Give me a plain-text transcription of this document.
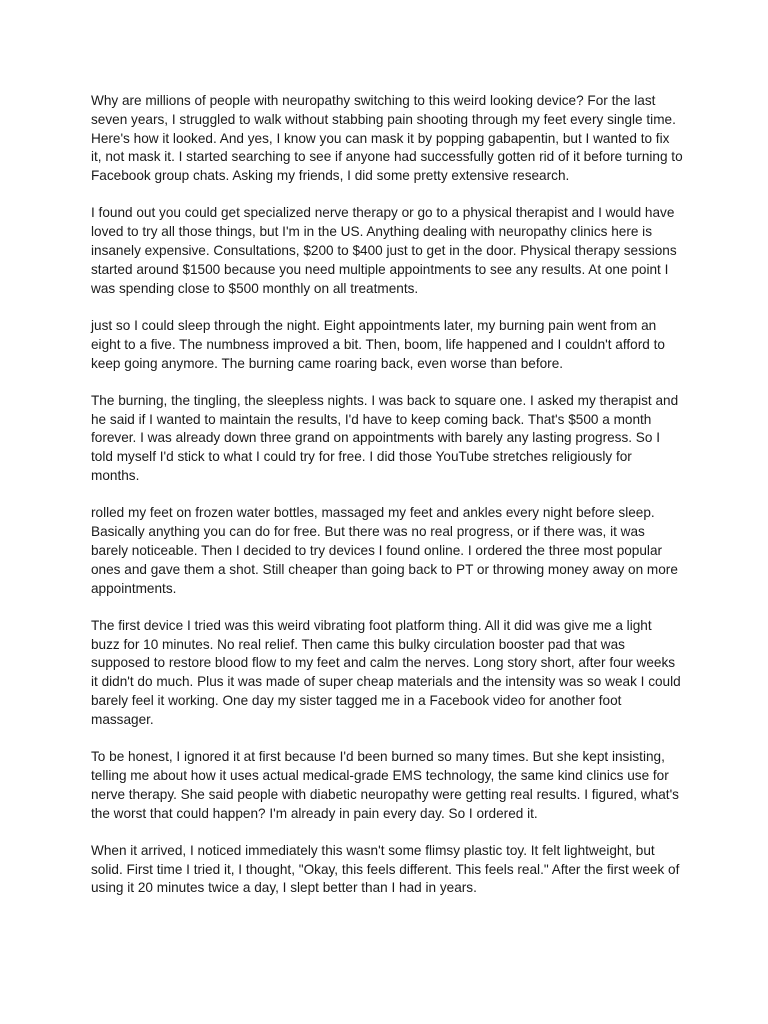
Why are millions of people with neuropathy switching to this weird looking device? For the last seven years, I struggled to walk without stabbing pain shooting through my feet every single time. Here's how it looked. And yes, I know you can mask it by popping gabapentin, but I wanted to fix it, not mask it. I started searching to see if anyone had successfully gotten rid of it before turning to Facebook group chats. Asking my friends, I did some pretty extensive research.

I found out you could get specialized nerve therapy or go to a physical therapist and I would have loved to try all those things, but I'm in the US. Anything dealing with neuropathy clinics here is insanely expensive. Consultations, $200 to $400 just to get in the door. Physical therapy sessions started around $1500 because you need multiple appointments to see any results. At one point I was spending close to $500 monthly on all treatments.

just so I could sleep through the night. Eight appointments later, my burning pain went from an eight to a five. The numbness improved a bit. Then, boom, life happened and I couldn't afford to keep going anymore. The burning came roaring back, even worse than before.

The burning, the tingling, the sleepless nights. I was back to square one. I asked my therapist and he said if I wanted to maintain the results, I'd have to keep coming back. That's $500 a month forever. I was already down three grand on appointments with barely any lasting progress. So I told myself I'd stick to what I could try for free. I did those YouTube stretches religiously for months.

rolled my feet on frozen water bottles, massaged my feet and ankles every night before sleep. Basically anything you can do for free. But there was no real progress, or if there was, it was barely noticeable. Then I decided to try devices I found online. I ordered the three most popular ones and gave them a shot. Still cheaper than going back to PT or throwing money away on more appointments.

The first device I tried was this weird vibrating foot platform thing. All it did was give me a light buzz for 10 minutes. No real relief. Then came this bulky circulation booster pad that was supposed to restore blood flow to my feet and calm the nerves. Long story short, after four weeks it didn't do much. Plus it was made of super cheap materials and the intensity was so weak I could barely feel it working. One day my sister tagged me in a Facebook video for another foot massager.

To be honest, I ignored it at first because I'd been burned so many times. But she kept insisting, telling me about how it uses actual medical-grade EMS technology, the same kind clinics use for nerve therapy. She said people with diabetic neuropathy were getting real results. I figured, what's the worst that could happen? I'm already in pain every day. So I ordered it.

When it arrived, I noticed immediately this wasn't some flimsy plastic toy. It felt lightweight, but solid. First time I tried it, I thought, "Okay, this feels different. This feels real." After the first week of using it 20 minutes twice a day, I slept better than I had in years.
